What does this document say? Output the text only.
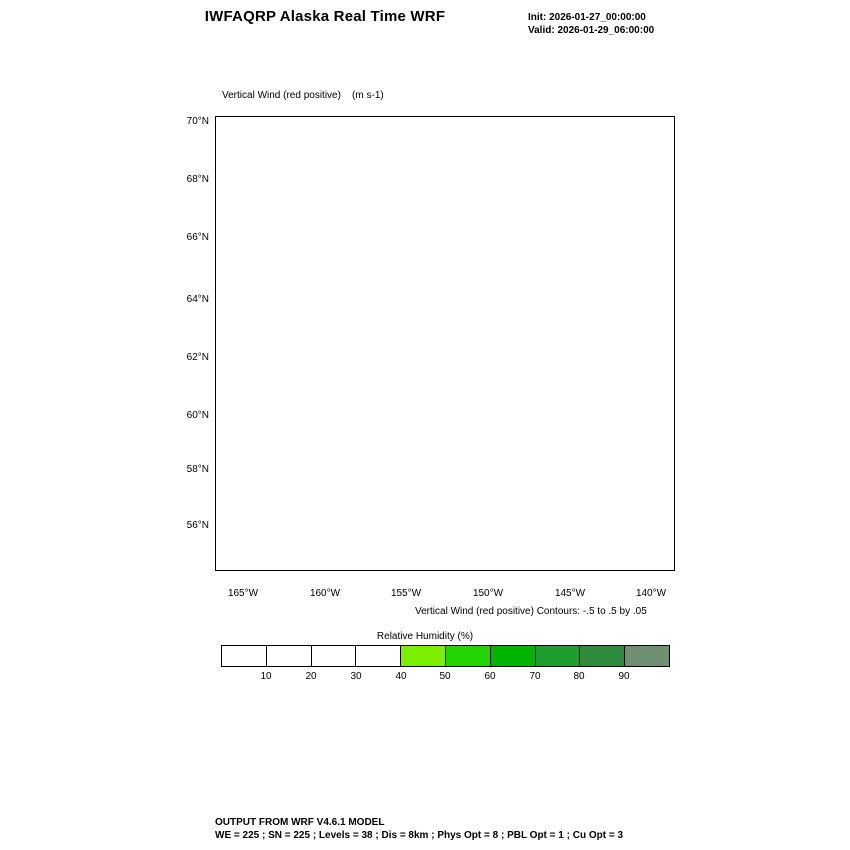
IWFAQRP Alaska Real Time WRF	Init: 2026-01-27_00:00:00
Valid: 2026-01-29_06:00:00

Vertical Wind (red positive)    (m s-1)

70°N
68°N
66°N
64°N
62°N
60°N
58°N
56°N
165°W	160°W	155°W	150°W	145°W	140°W
Vertical Wind (red positive) Contours: -.5 to .5 by .05
Relative Humidity (%)
10	20	30	40	50	60	70	80	90
OUTPUT FROM WRF V4.6.1 MODEL
WE = 225 ; SN = 225 ; Levels = 38 ; Dis = 8km ; Phys Opt = 8 ; PBL Opt = 1 ; Cu Opt = 3
